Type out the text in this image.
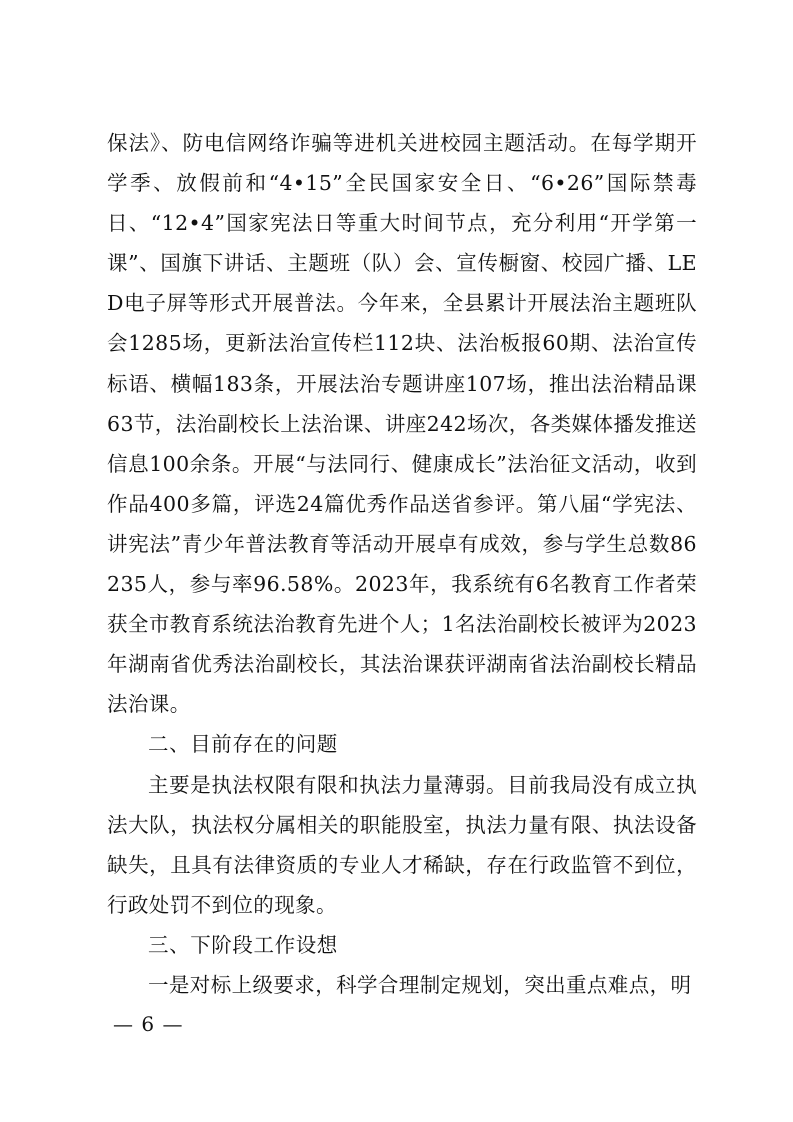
保法》、防电信网络诈骗等进机关进校园主题活动。在每学期开学季、放假前和“4•15”全民国家安全日、“6•26”国际禁毒日、“12•4”国家宪法日等重大时间节点，充分利用“开学第一课”、国旗下讲话、主题班（队）会、宣传橱窗、校园广播、LED电子屏等形式开展普法。今年来，全县累计开展法治主题班队会1285场，更新法治宣传栏112块、法治板报60期、法治宣传标语、横幅183条，开展法治专题讲座107场，推出法治精品课63节，法治副校长上法治课、讲座242场次，各类媒体播发推送信息100余条。开展“与法同行、健康成长”法治征文活动，收到作品400多篇，评选24篇优秀作品送省参评。第八届“学宪法、讲宪法”青少年普法教育等活动开展卓有成效，参与学生总数86235人，参与率96.58%。2023年，我系统有6名教育工作者荣获全市教育系统法治教育先进个人；1名法治副校长被评为2023年湖南省优秀法治副校长，其法治课获评湖南省法治副校长精品法治课。

二、目前存在的问题

主要是执法权限有限和执法力量薄弱。目前我局没有成立执法大队，执法权分属相关的职能股室，执法力量有限、执法设备缺失，且具有法律资质的专业人才稀缺，存在行政监管不到位，行政处罚不到位的现象。

三、下阶段工作设想

一是对标上级要求，科学合理制定规划，突出重点难点，明

— 6 —
